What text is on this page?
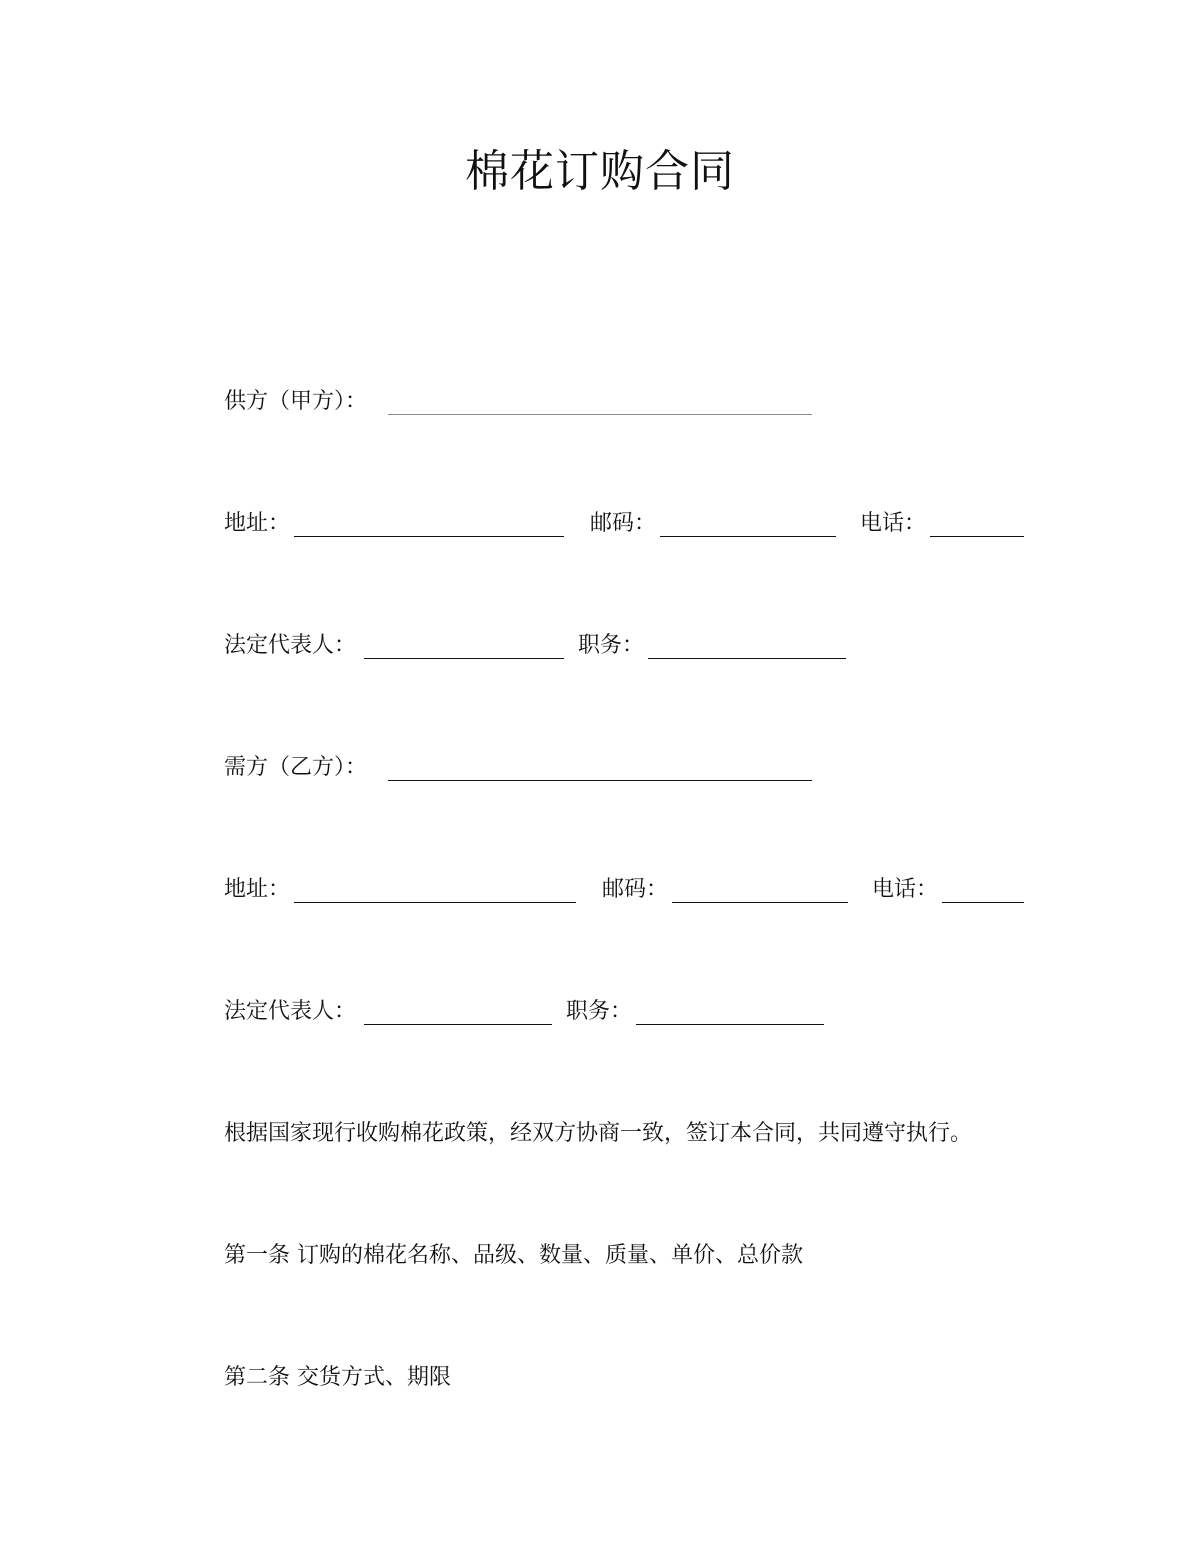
棉花订购合同
供方（甲方）：
地址：	邮码：	电话：
法定代表人：	职务：
需方（乙方）：
地址：	邮码：	电话：
法定代表人：	职务：
根据国家现行收购棉花政策，经双方协商一致，签订本合同，共同遵守执行。
第一条 订购的棉花名称、品级、数量、质量、单价、总价款
第二条 交货方式、期限
